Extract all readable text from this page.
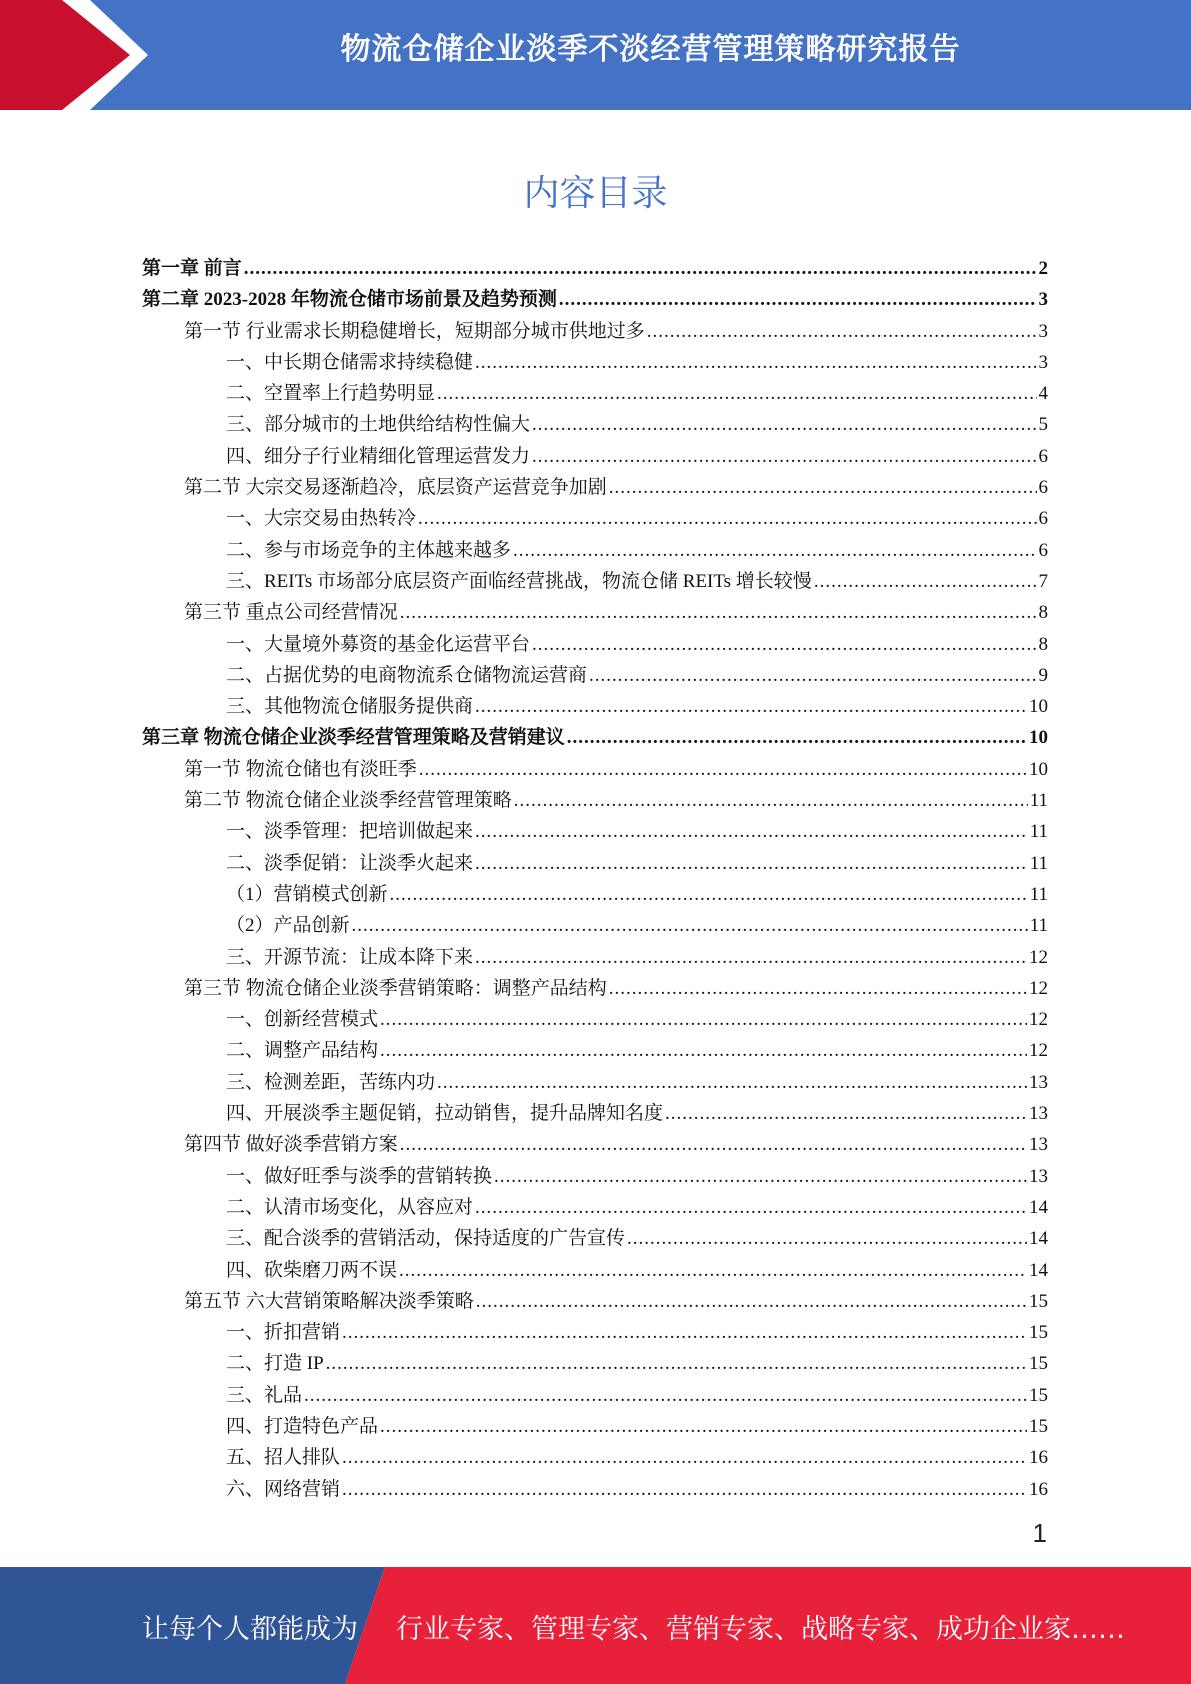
物流仓储企业淡季不淡经营管理策略研究报告
内容目录
第一章 前言 .....	2
第二章 2023-2028 年物流仓储市场前景及趋势预测 .....	3
第一节 行业需求长期稳健增长，短期部分城市供地过多 .....	3
一、中长期仓储需求持续稳健 .....	3
二、空置率上行趋势明显 .....	4
三、部分城市的土地供给结构性偏大 .....	5
四、细分子行业精细化管理运营发力 .....	6
第二节 大宗交易逐渐趋冷，底层资产运营竞争加剧 .....	6
一、大宗交易由热转冷 .....	6
二、参与市场竞争的主体越来越多 .....	6
三、REITs 市场部分底层资产面临经营挑战，物流仓储 REITs 增长较慢 .....	7
第三节 重点公司经营情况 .....	8
一、大量境外募资的基金化运营平台 .....	8
二、占据优势的电商物流系仓储物流运营商 .....	9
三、其他物流仓储服务提供商 .....	10
第三章 物流仓储企业淡季经营管理策略及营销建议 .....	10
第一节 物流仓储也有淡旺季 .....	10
第二节 物流仓储企业淡季经营管理策略 .....	11
一、淡季管理：把培训做起来 .....	11
二、淡季促销：让淡季火起来 .....	11
（1）营销模式创新 .....	11
（2）产品创新 .....	11
三、开源节流：让成本降下来 .....	12
第三节 物流仓储企业淡季营销策略：调整产品结构 .....	12
一、创新经营模式 .....	12
二、调整产品结构 .....	12
三、检测差距，苦练内功 .....	13
四、开展淡季主题促销，拉动销售，提升品牌知名度 .....	13
第四节 做好淡季营销方案 .....	13
一、做好旺季与淡季的营销转换 .....	13
二、认清市场变化，从容应对 .....	14
三、配合淡季的营销活动，保持适度的广告宣传 .....	14
四、砍柴磨刀两不误 .....	14
第五节 六大营销策略解决淡季策略 .....	15
一、折扣营销 .....	15
二、打造 IP .....	15
三、礼品 .....	15
四、打造特色产品 .....	15
五、招人排队 .....	16
六、网络营销 .....	16
1
让每个人都能成为 行业专家、管理专家、营销专家、战略专家、成功企业家……
